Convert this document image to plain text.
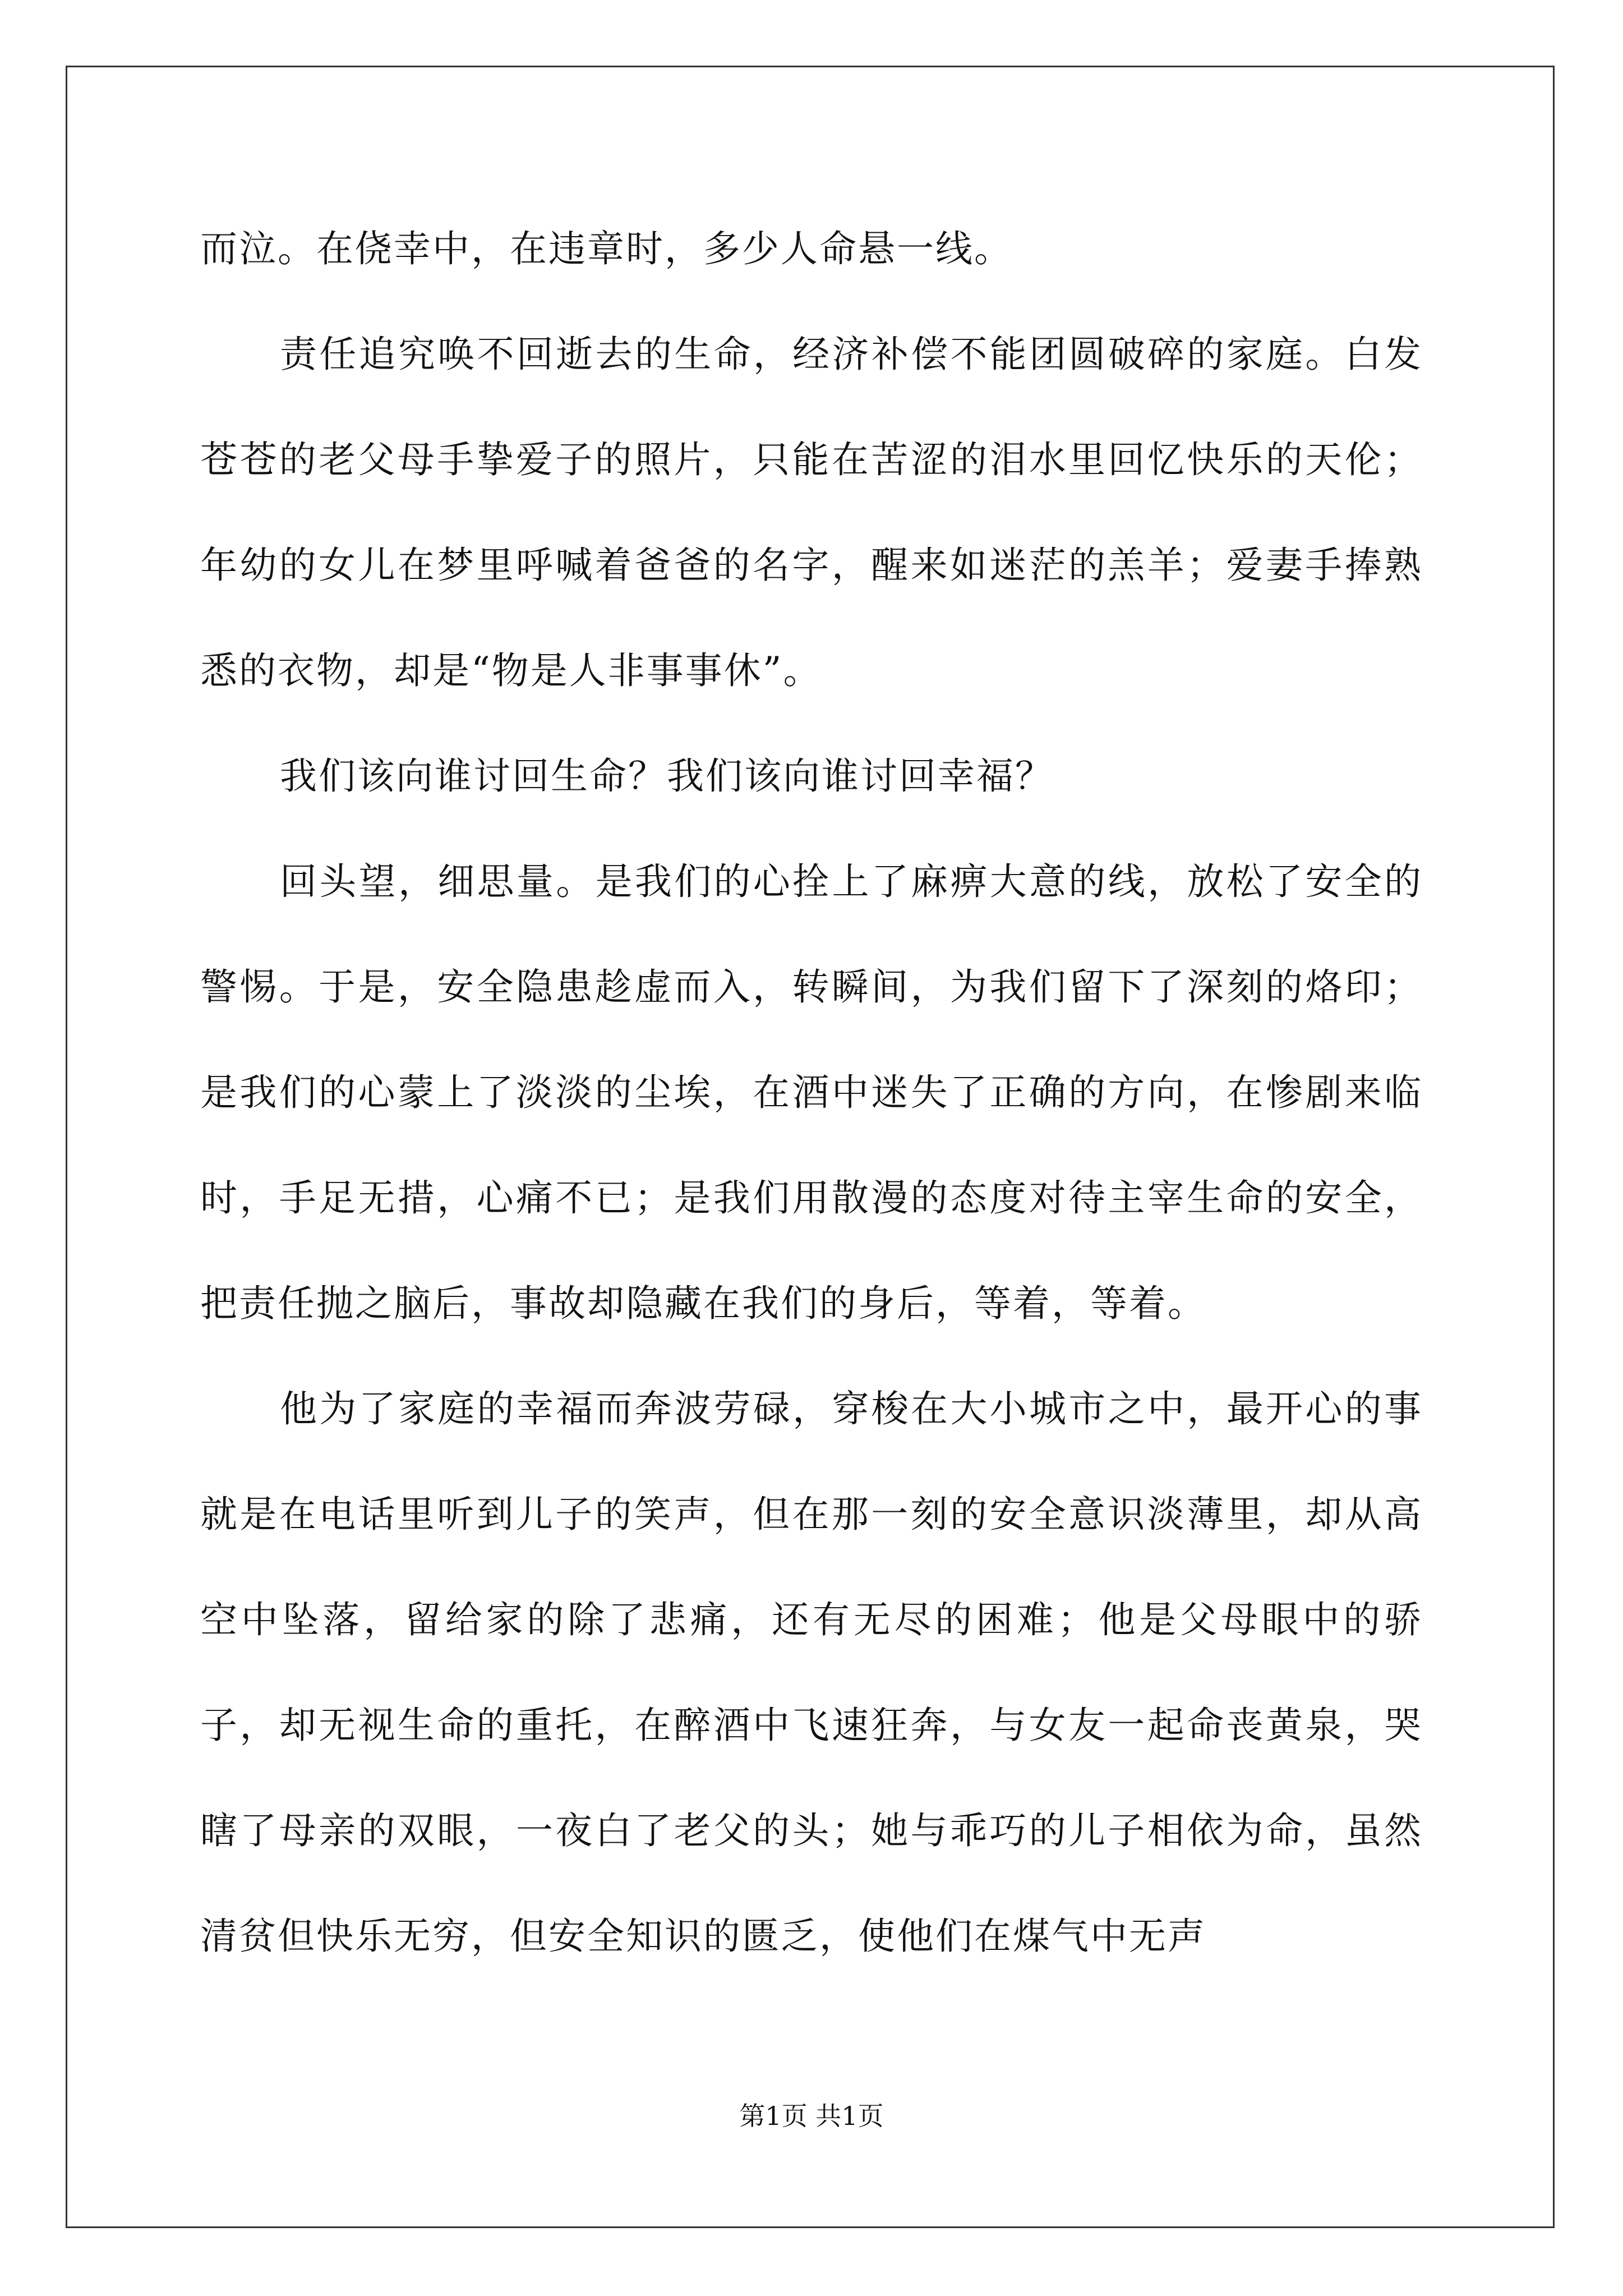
而泣。在侥幸中，在违章时，多少人命悬一线。

责任追究唤不回逝去的生命，经济补偿不能团圆破碎的家庭。白发苍苍的老父母手挚爱子的照片，只能在苦涩的泪水里回忆快乐的天伦；年幼的女儿在梦里呼喊着爸爸的名字，醒来如迷茫的羔羊；爱妻手捧熟悉的衣物，却是“物是人非事事休”。

我们该向谁讨回生命？我们该向谁讨回幸福？

回头望，细思量。是我们的心拴上了麻痹大意的线，放松了安全的警惕。于是，安全隐患趁虚而入，转瞬间，为我们留下了深刻的烙印；是我们的心蒙上了淡淡的尘埃，在酒中迷失了正确的方向，在惨剧来临时，手足无措，心痛不已；是我们用散漫的态度对待主宰生命的安全，把责任抛之脑后，事故却隐藏在我们的身后，等着，等着。

他为了家庭的幸福而奔波劳碌，穿梭在大小城市之中，最开心的事就是在电话里听到儿子的笑声，但在那一刻的安全意识淡薄里，却从高空中坠落，留给家的除了悲痛，还有无尽的困难；他是父母眼中的骄子，却无视生命的重托，在醉酒中飞速狂奔，与女友一起命丧黄泉，哭瞎了母亲的双眼，一夜白了老父的头；她与乖巧的儿子相依为命，虽然清贫但快乐无穷，但安全知识的匮乏，使他们在煤气中无声

第1页 共1页
